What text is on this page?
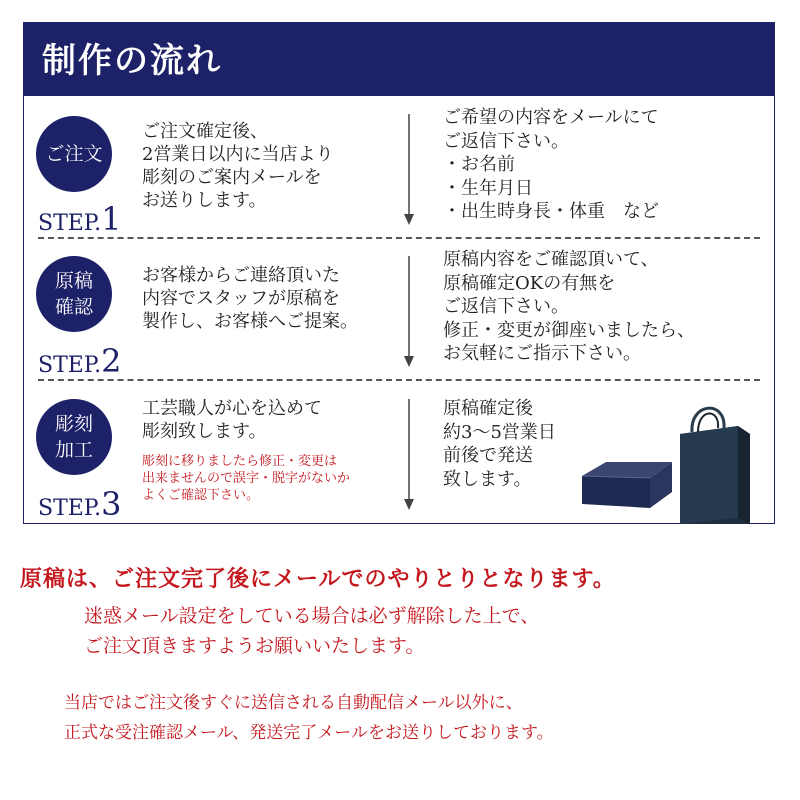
制作の流れ
ご注文
STEP.1
ご注文確定後、
2営業日以内に当店より
彫刻のご案内メールを
お送りします。
ご希望の内容をメールにて
ご返信下さい。
・お名前
・生年月日
・出生時身長・体重　など
原稿
確認
STEP.2
お客様からご連絡頂いた
内容でスタッフが原稿を
製作し、お客様へご提案。
原稿内容をご確認頂いて、
原稿確定OKの有無を
ご返信下さい。
修正・変更が御座いましたら、
お気軽にご指示下さい。
彫刻
加工
STEP.3
工芸職人が心を込めて
彫刻致します。
彫刻に移りましたら修正・変更は
出来ませんので誤字・脱字がないか
よくご確認下さい。
原稿確定後
約3〜5営業日
前後で発送
致します。
原稿は、ご注文完了後にメールでのやりとりとなります。
迷惑メール設定をしている場合は必ず解除した上で、
ご注文頂きますようお願いいたします。
当店ではご注文後すぐに送信される自動配信メール以外に、
正式な受注確認メール、発送完了メールをお送りしております。
